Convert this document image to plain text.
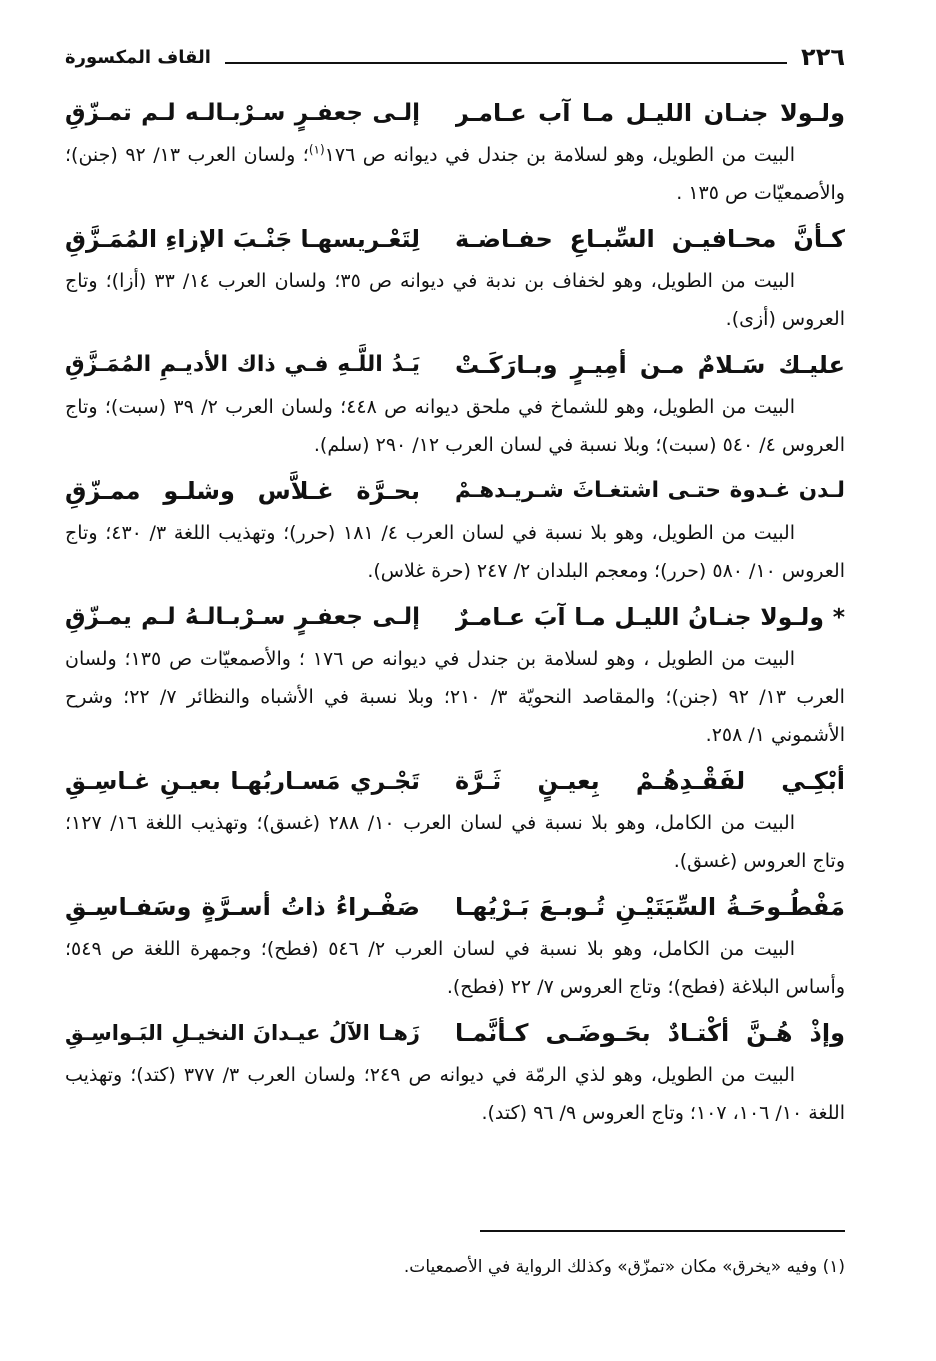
٢٢٦
القاف المكسورة
ولـولا جنـان الليـل مـا آب عـامـر
إلـى جعفـرٍ سـرْبـالـه لـم تمـزّقِ

البيت من الطويل، وهو لسلامة بن جندل في ديوانه ص ١٧٦$^{(١)}$؛ ولسان العرب ١٣/ ٩٢ (جنن)؛ والأصمعيّات ص ١٣٥ .

كـأنَّ محـافيـن السِّبـاعِ حفـاضـة
لِتَعْـريسهـا جَنْـبَ الإزاءِ المُمَـزَّقِ

البيت من الطويل، وهو لخفاف بن ندبة في ديوانه ص ٣٥؛ ولسان العرب ١٤/ ٣٣ (أزا)؛ وتاج العروس (أزى).

عليـك سَـلامٌ مـن أمِيـرٍ وبـارَكَـتْ
يَـدُ اللَّـهِ فـي ذاك الأديـمِ المُمَـزَّقِ

البيت من الطويل، وهو للشماخ في ملحق ديوانه ص ٤٤٨؛ ولسان العرب ٢/ ٣٩ (سبت)؛ وتاج العروس ٤/ ٥٤٠ (سبت)؛ وبلا نسبة في لسان العرب ١٢/ ٢٩٠ (سلم).

لـدن غـدوة حتـى اشتغـاثَ شـريـدهـمْ
بحـرَّة غـلاَّس وشلـو ممـزّقِ

البيت من الطويل، وهو بلا نسبة في لسان العرب ٤/ ١٨١ (حرر)؛ وتهذيب اللغة ٣/ ٤٣٠؛ وتاج العروس ١٠/ ٥٨٠ (حرر)؛ ومعجم البلدان ٢/ ٢٤٧ (حرة غلاس).

* ولـولا جنـانُ الليـل مـا آبَ عـامـرٌ
إلـى جعفـرٍ سـرْبـالـهُ لـم يمـزّقِ

البيت من الطويل ، وهو لسلامة بن جندل في ديوانه ص ١٧٦ ؛ والأصمعيّات ص ١٣٥؛ ولسان العرب ١٣/ ٩٢ (جنن)؛ والمقاصد النحويّة ٣/ ٢١٠؛ وبلا نسبة في الأشباه والنظائر ٧/ ٢٢؛ وشرح الأشموني ١/ ٢٥٨.

أبْكِـي لفَقْـدِهُـمْ بِعيـنٍ ثَـرَّة
تَجْـري مَسـاربُهـا بعيـنِ غـاسِـقِ

البيت من الكامل، وهو بلا نسبة في لسان العرب ١٠/ ٢٨٨ (غسق)؛ وتهذيب اللغة ١٦/ ١٢٧؛ وتاج العروس (غسق).

مَفْطُـوحَـةُ السِّيَتَيْـنِ تُـوبـعَ بَـرْيُهـا
صَفْـراءُ ذاتُ أسـرَّةٍ وسَفـاسِـقِ

البيت من الكامل، وهو بلا نسبة في لسان العرب ٢/ ٥٤٦ (فطح)؛ وجمهرة اللغة ص ٥٤٩؛ وأساس البلاغة (فطح)؛ وتاج العروس ٧/ ٢٢ (فطح).

وإذْ هُـنَّ أكْتـادٌ بحَـوضَـى كـأنَّمـا
زَهـا الآلُ عيـدانَ النخيـلِ البَـواسِـقِ

البيت من الطويل، وهو لذي الرمّة في ديوانه ص ٢٤٩؛ ولسان العرب ٣/ ٣٧٧ (كتد)؛ وتهذيب اللغة ١٠/ ١٠٦، ١٠٧؛ وتاج العروس ٩/ ٩٦ (كتد).

(١) وفيه «يخرق» مكان «تمزّق» وكذلك الرواية في الأصمعيات.
